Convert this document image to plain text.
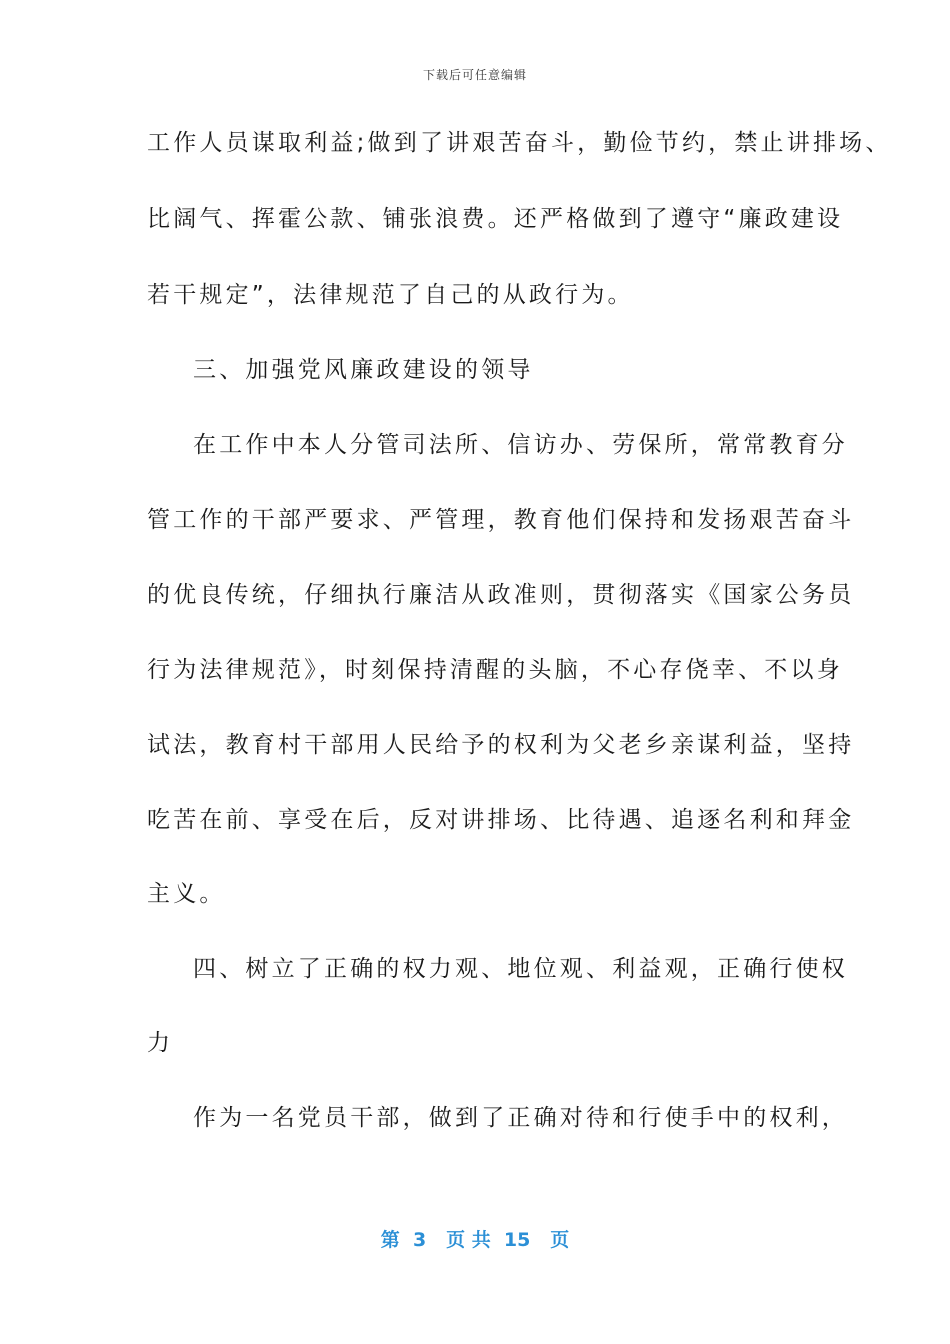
下载后可任意编辑
工作人员谋取利益;做到了讲艰苦奋斗，勤俭节约，禁止讲排场、
比阔气、挥霍公款、铺张浪费。还严格做到了遵守“廉政建设
若干规定”，法律规范了自己的从政行为。
三、加强党风廉政建设的领导
在工作中本人分管司法所、信访办、劳保所，常常教育分
管工作的干部严要求、严管理，教育他们保持和发扬艰苦奋斗
的优良传统，仔细执行廉洁从政准则，贯彻落实《国家公务员
行为法律规范》，时刻保持清醒的头脑，不心存侥幸、不以身
试法，教育村干部用人民给予的权利为父老乡亲谋利益，坚持
吃苦在前、享受在后，反对讲排场、比待遇、追逐名利和拜金
主义。
四、树立了正确的权力观、地位观、利益观，正确行使权
力
作为一名党员干部，做到了正确对待和行使手中的权利，
第  3   页 共  15   页
